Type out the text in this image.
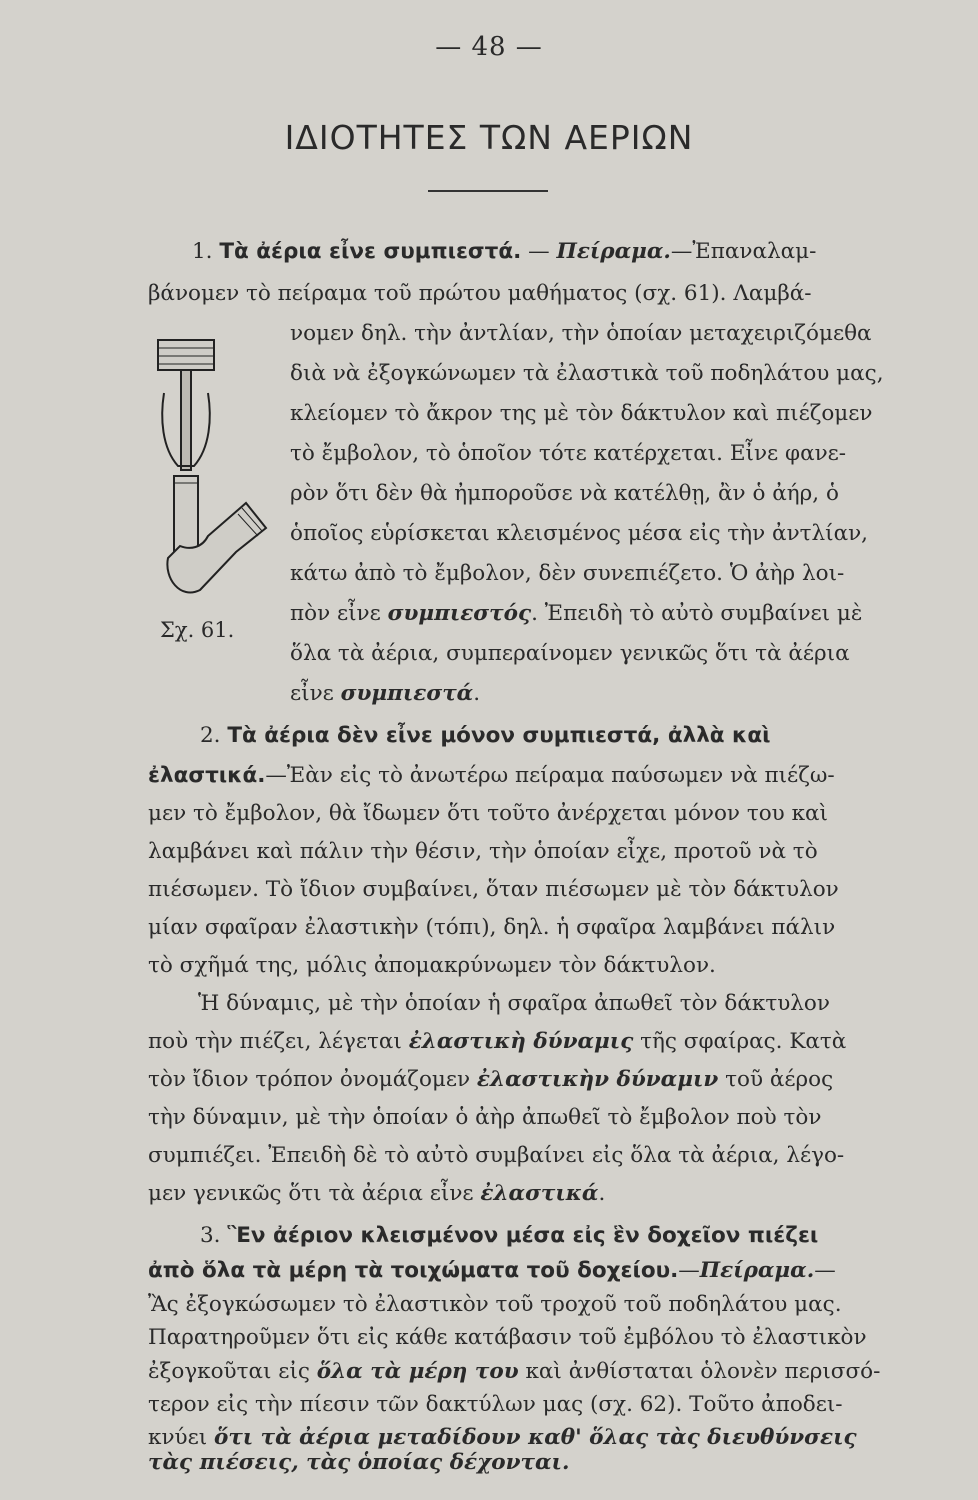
— 48 —
ΙΔΙΟΤΗΤΕΣ ΤΩΝ ΑΕΡΙΩΝ
Σχ. 61.
1. Τὰ ἀέρια εἶνε συμπιεστά. — Πείραμα.—Ἐπαναλαμ-
βάνομεν τὸ πείραμα τοῦ πρώτου μαθήματος (σχ. 61). Λαμβά-
νομεν δηλ. τὴν ἀντλίαν, τὴν ὁποίαν μεταχειριζόμεθα
διὰ νὰ ἐξογκώνωμεν τὰ ἐλαστικὰ τοῦ ποδηλάτου μας,
κλείομεν τὸ ἄκρον της μὲ τὸν δάκτυλον καὶ πιέζομεν
τὸ ἔμβολον, τὸ ὁποῖον τότε κατέρχεται. Εἶνε φανε-
ρὸν ὅτι δὲν θὰ ἠμποροῦσε νὰ κατέλθῃ, ἂν ὁ ἀήρ, ὁ
ὁποῖος εὑρίσκεται κλεισμένος μέσα εἰς τὴν ἀντλίαν,
κάτω ἀπὸ τὸ ἔμβολον, δὲν συνεπιέζετο. Ὁ ἀὴρ λοι-
πὸν εἶνε συμπιεστός. Ἐπειδὴ τὸ αὐτὸ συμβαίνει μὲ
ὅλα τὰ ἀέρια, συμπεραίνομεν γενικῶς ὅτι τὰ ἀέρια
εἶνε συμπιεστά.
2. Τὰ ἀέρια δὲν εἶνε μόνον συμπιεστά, ἀλλὰ καὶ
ἐλαστικά.—Ἐὰν εἰς τὸ ἀνωτέρω πείραμα παύσωμεν νὰ πιέζω-
μεν τὸ ἔμβολον, θὰ ἴδωμεν ὅτι τοῦτο ἀνέρχεται μόνον του καὶ
λαμβάνει καὶ πάλιν τὴν θέσιν, τὴν ὁποίαν εἶχε, προτοῦ νὰ τὸ
πιέσωμεν. Τὸ ἴδιον συμβαίνει, ὅταν πιέσωμεν μὲ τὸν δάκτυλον
μίαν σφαῖραν ἐλαστικὴν (τόπι), δηλ. ἡ σφαῖρα λαμβάνει πάλιν
τὸ σχῆμά της, μόλις ἀπομακρύνωμεν τὸν δάκτυλον.
Ἡ δύναμις, μὲ τὴν ὁποίαν ἡ σφαῖρα ἀπωθεῖ τὸν δάκτυλον
ποὺ τὴν πιέζει, λέγεται ἐλαστικὴ δύναμις τῆς σφαίρας. Κατὰ
τὸν ἴδιον τρόπον ὀνομάζομεν ἐλαστικὴν δύναμιν τοῦ ἀέρος
τὴν δύναμιν, μὲ τὴν ὁποίαν ὁ ἀὴρ ἀπωθεῖ τὸ ἔμβολον ποὺ τὸν
συμπιέζει. Ἐπειδὴ δὲ τὸ αὐτὸ συμβαίνει εἰς ὅλα τὰ ἀέρια, λέγο-
μεν γενικῶς ὅτι τὰ ἀέρια εἶνε ἐλαστικά.
3. Ἓν ἀέριον κλεισμένον μέσα εἰς ἓν δοχεῖον πιέζει
ἀπὸ ὅλα τὰ μέρη τὰ τοιχώματα τοῦ δοχείου.—Πείραμα.—
Ἂς ἐξογκώσωμεν τὸ ἐλαστικὸν τοῦ τροχοῦ τοῦ ποδηλάτου μας.
Παρατηροῦμεν ὅτι εἰς κάθε κατάβασιν τοῦ ἐμβόλου τὸ ἐλαστικὸν
ἐξογκοῦται εἰς ὅλα τὰ μέρη του καὶ ἀνθίσταται ὁλονὲν περισσό-
τερον εἰς τὴν πίεσιν τῶν δακτύλων μας (σχ. 62). Τοῦτο ἀποδει-
κνύει ὅτι τὰ ἀέρια μεταδίδουν καθ' ὅλας τὰς διευθύνσεις
τὰς πιέσεις, τὰς ὁποίας δέχονται.
